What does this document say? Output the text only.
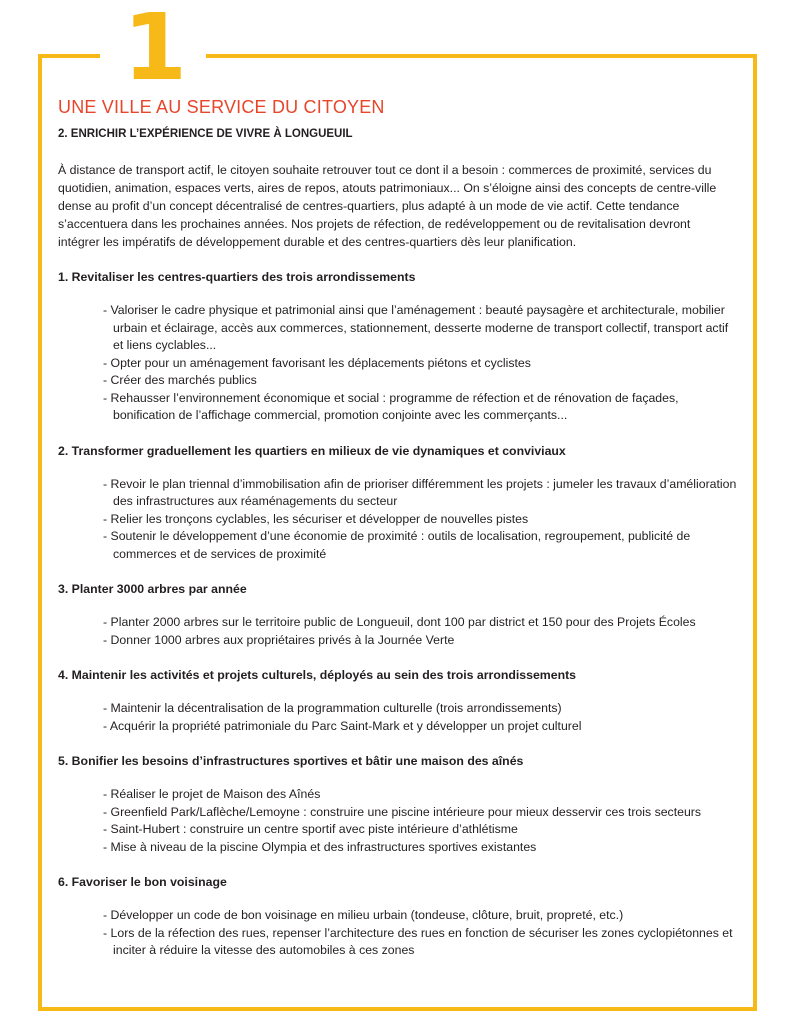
1
UNE VILLE AU SERVICE DU CITOYEN
2. ENRICHIR L’EXPÉRIENCE DE VIVRE À LONGUEUIL

À distance de transport actif, le citoyen souhaite retrouver tout ce dont il a besoin : commerces de proximité, services du quotidien, animation, espaces verts, aires de repos, atouts patrimoniaux... On s’éloigne ainsi des concepts de centre-ville dense au profit d’un concept décentralisé de centres-quartiers, plus adapté à un mode de vie actif. Cette tendance s’accentuera dans les prochaines années. Nos projets de réfection, de redéveloppement ou de revitalisation devront intégrer les impératifs de développement durable et des centres-quartiers dès leur planification.

1. Revitaliser les centres-quartiers des trois arrondissements
- Valoriser le cadre physique et patrimonial ainsi que l’aménagement : beauté paysagère et architecturale, mobilier urbain et éclairage, accès aux commerces, stationnement, desserte moderne de transport collectif, transport actif et liens cyclables...
- Opter pour un aménagement favorisant les déplacements piétons et cyclistes
- Créer des marchés publics
- Rehausser l’environnement économique et social : programme de réfection et de rénovation de façades, bonification de l’affichage commercial, promotion conjointe avec les commerçants...
2. Transformer graduellement les quartiers en milieux de vie dynamiques et conviviaux
- Revoir le plan triennal d’immobilisation afin de prioriser différemment les projets : jumeler les travaux d’amélioration des infrastructures aux réaménagements du secteur
- Relier les tronçons cyclables, les sécuriser et développer de nouvelles pistes
- Soutenir le développement d’une économie de proximité : outils de localisation, regroupement, publicité de commerces et de services de proximité
3. Planter 3000 arbres par année
- Planter 2000 arbres sur le territoire public de Longueuil, dont 100 par district et 150 pour des Projets Écoles
- Donner 1000 arbres aux propriétaires privés à la Journée Verte
4. Maintenir les activités et projets culturels, déployés au sein des trois arrondissements
- Maintenir la décentralisation de la programmation culturelle (trois arrondissements)
- Acquérir la propriété patrimoniale du Parc Saint-Mark et y développer un projet culturel
5. Bonifier les besoins d’infrastructures sportives et bâtir une maison des aînés
- Réaliser le projet de Maison des Aînés
- Greenfield Park/Laflèche/Lemoyne : construire une piscine intérieure pour mieux desservir ces trois secteurs
- Saint-Hubert : construire un centre sportif avec piste intérieure d’athlétisme
- Mise à niveau de la piscine Olympia et des infrastructures sportives existantes
6. Favoriser le bon voisinage
- Développer un code de bon voisinage en milieu urbain (tondeuse, clôture, bruit, propreté, etc.)
- Lors de la réfection des rues, repenser l’architecture des rues en fonction de sécuriser les zones cyclopiétonnes et inciter à réduire la vitesse des automobiles à ces zones
